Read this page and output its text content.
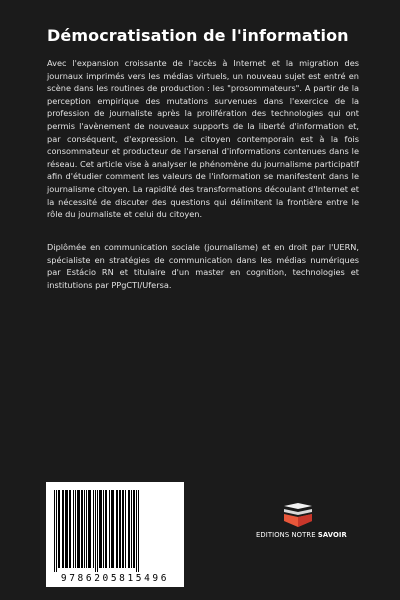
Démocratisation de l'information
Avec l'expansion croissante de l'accès à Internet et la migration des journaux imprimés vers les médias virtuels, un nouveau sujet est entré en scène dans les routines de production : les "prosommateurs". A partir de la perception empirique des mutations survenues dans l'exercice de la profession de journaliste après la prolifération des technologies qui ont permis l'avènement de nouveaux supports de la liberté d'information et, par conséquent, d'expression. Le citoyen contemporain est à la fois consommateur et producteur de l'arsenal d'informations contenues dans le réseau. Cet article vise à analyser le phénomène du journalisme participatif afin d'étudier comment les valeurs de l'information se manifestent dans le journalisme citoyen. La rapidité des transformations découlant d'Internet et la nécessité de discuter des questions qui délimitent la frontière entre le rôle du journaliste et celui du citoyen.
Diplômée en communication sociale (journalisme) et en droit par l'UERN, spécialiste en stratégies de communication dans les médias numériques par Estácio RN et titulaire d'un master en cognition, technologies et institutions par PPgCTI/Ufersa.
9786205815496
EDITIONS NOTRE SAVOIR
